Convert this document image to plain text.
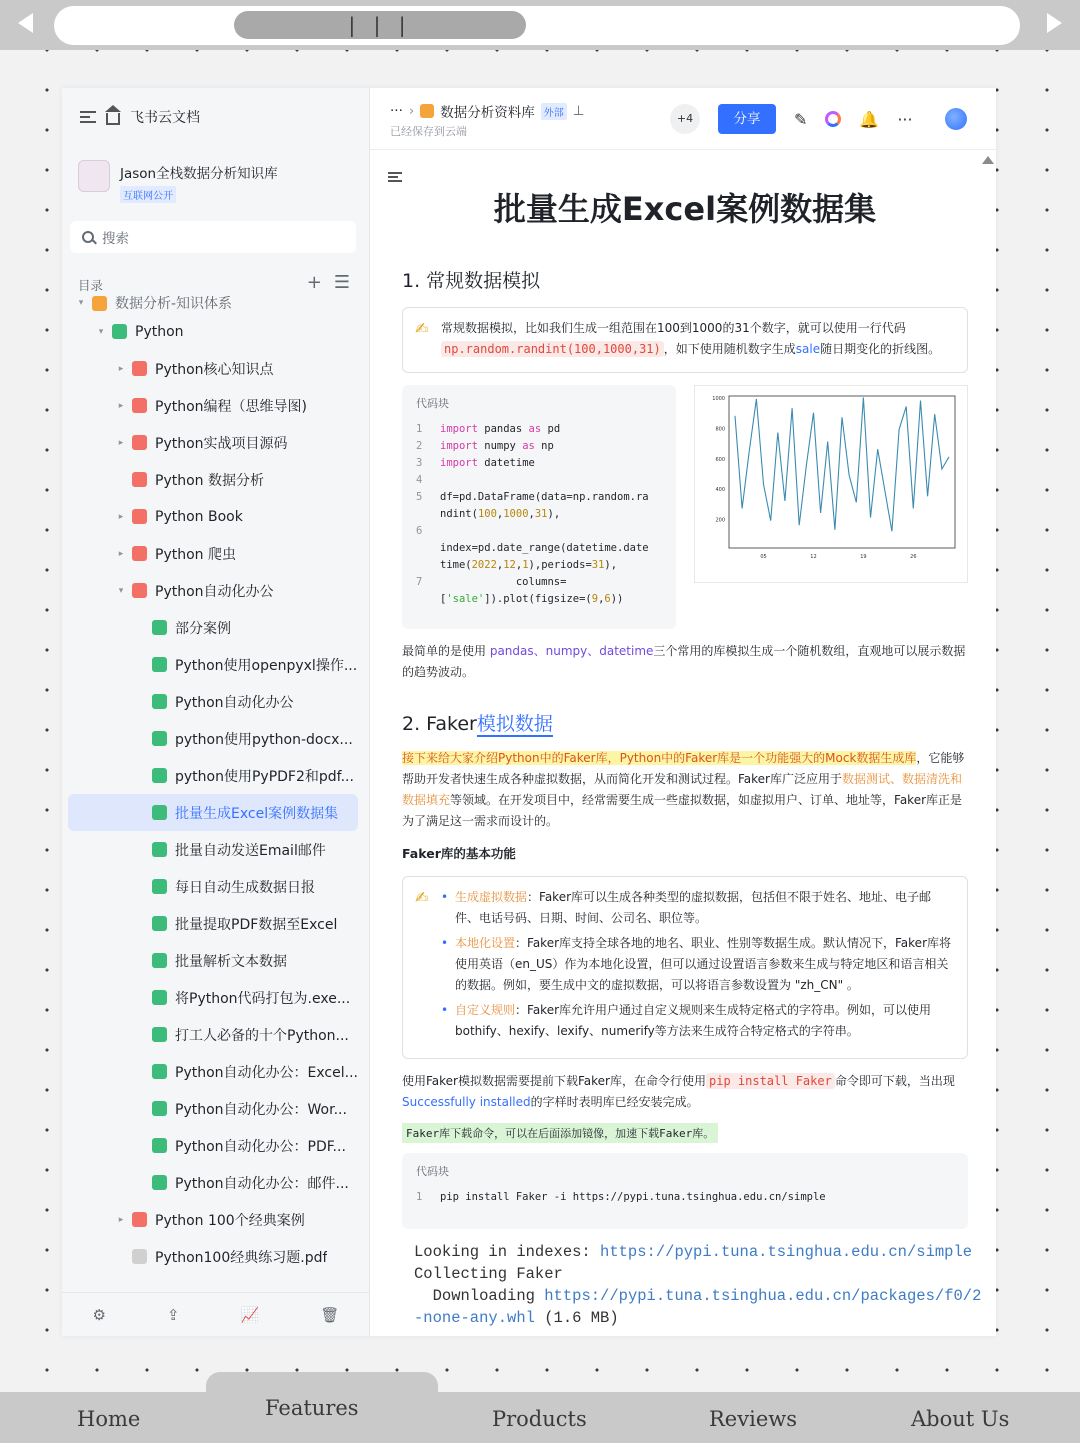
| | |
飞书云文档
Jason全栈数据分析知识库
互联网公开
搜索
目录	+ ☰
▾ 数据分析-知识体系
▾ Python
▸ Python核心知识点
▸ Python编程（思维导图)
▸ Python实战项目源码
Python 数据分析
▸ Python Book
▸ Python 爬虫
▾ Python自动化办公
部分案例
Python使用openpyxl操作...
Python自动化办公
python使用python-docx...
python使用PyPDF2和pdf...
批量生成Excel案例数据集
批量自动发送Email邮件
每日自动生成数据日报
批量提取PDF数据至Excel
批量解析文本数据
将Python代码打包为.exe...
打工人必备的十个Python...
Python自动化办公：Excel...
Python自动化办公：Wor...
Python自动化办公：PDF...
Python自动化办公：邮件...
▸ Python 100个经典案例
Python100经典练习题.pdf
⚙	⇪	📈	🗑
··· › 数据分析资料库 外部 ⊥
已经保存到云端
+4	分享	✎	🔔 ···
批量生成Excel案例数据集
1. 常规数据模拟
✍ 常规数据模拟，比如我们生成一组范围在100到1000的31个数字，就可以使用一行代码 np.random.randint(100,1000,31) ，如下使用随机数字生成sale随日期变化的折线图。
代码块
1	import pandas as pd
2	import numpy as np
3	import datetime
4
5	df=pd.DataFrame(data=np.random.ra
ndint(100,1000,31),
6
index=pd.date_range(datetime.date
time(2022,12,1),periods=31),
7	columns=
['sale']).plot(figsize=(9,6))
1000
800
600
400
200
05	12	19	26

最简单的是使用 pandas、numpy、datetime三个常用的库模拟生成一个随机数组，直观地可以展示数据的趋势波动。

2. Faker模拟数据

接下来给大家介绍Python中的Faker库，Python中的Faker库是一个功能强大的Mock数据生成库，它能够帮助开发者快速生成各种虚拟数据，从而简化开发和测试过程。Faker库广泛应用于数据测试、数据清洗和数据填充等领域。在开发项目中，经常需要生成一些虚拟数据，如虚拟用户、订单、地址等，Faker库正是为了满足这一需求而设计的。

Faker库的基本功能
✍
•	生成虚拟数据：Faker库可以生成各种类型的虚拟数据，包括但不限于姓名、地址、电子邮件、电话号码、日期、时间、公司名、职位等。
• 本地化设置：Faker库支持全球各地的地名、职业、性别等数据生成。默认情况下，Faker库将使用英语（en_US）作为本地化设置，但可以通过设置语言参数来生成与特定地区和语言相关的数据。例如，要生成中文的虚拟数据，可以将语言参数设置为 "zh_CN" 。
• 自定义规则：Faker库允许用户通过自定义规则来生成特定格式的字符串。例如，可以使用bothify、hexify、lexify、numerify等方法来生成符合特定格式的字符串。

使用Faker模拟数据需要提前下载Faker库，在命令行使用 pip install Faker 命令即可下载，当出现Successfully installed的字样时表明库已经安装完成。

Faker库下载命令，可以在后面添加镜像，加速下载Faker库。
代码块
1	pip install Faker -i https://pypi.tuna.tsinghua.edu.cn/simple
Looking in indexes: https://pypi.tuna.tsinghua.edu.cn/simple
Collecting Faker
Downloading https://pypi.tuna.tsinghua.edu.cn/packages/f0/2
-none-any.whl (1.6 MB)
Home	Features	Products	Reviews	About Us
